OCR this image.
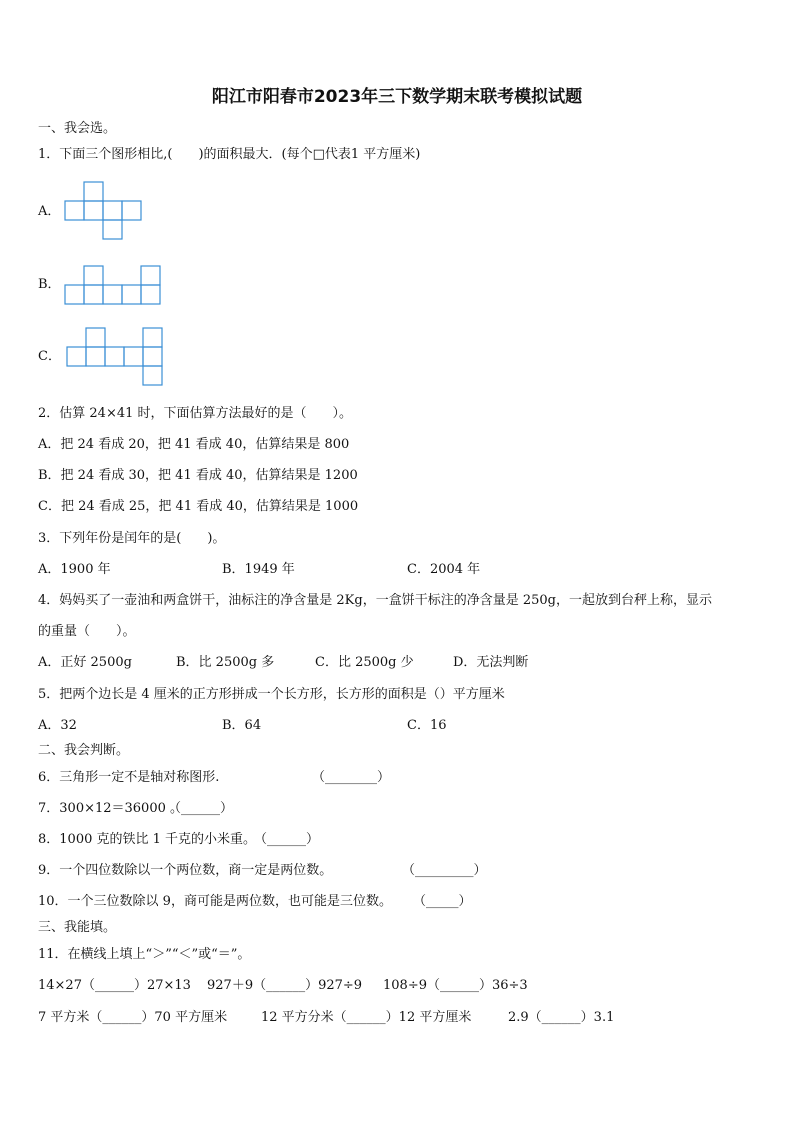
阳江市阳春市2023年三下数学期末联考模拟试题
一、我会选。
1．下面三个图形相比,(　　)的面积最大．(每个□代表1 平方厘米)
A．
B．
C．
2．估算 24×41 时，下面估算方法最好的是（　　）。
A．把 24 看成 20，把 41 看成 40，估算结果是 800
B．把 24 看成 30，把 41 看成 40，估算结果是 1200
C．把 24 看成 25，把 41 看成 40，估算结果是 1000
3．下列年份是闰年的是(　　)。
A．1900 年	B．1949 年	C．2004 年
4．妈妈买了一壶油和两盒饼干，油标注的净含量是 2Kg，一盒饼干标注的净含量是 250g，一起放到台秤上称，显示
的重量（　　）。
A．正好 2500g	B．比 2500g 多	C．比 2500g 少	D．无法判断
5．把两个边长是 4 厘米的正方形拼成一个长方形，长方形的面积是（）平方厘米
A．32	B．64	C．16
二、我会判断。
6．三角形一定不是轴对称图形.	（________）
7．300×12＝36000 。
（______）
8．1000 克的铁比 1 千克的小米重。
（______）
9．一个四位数除以一个两位数，商一定是两位数。	（_________）
10．一个三位数除以 9，商可能是两位数，也可能是三位数。 （_____）
三、我能填。
11．在横线上填上“＞”“＜”或“＝”。
14×27（______）27×13 927＋9（______）927÷9 108÷9（______）36÷3
7 平方米（______）70 平方厘米	12 平方分米（______）12 平方厘米	2.9（______）3.1
